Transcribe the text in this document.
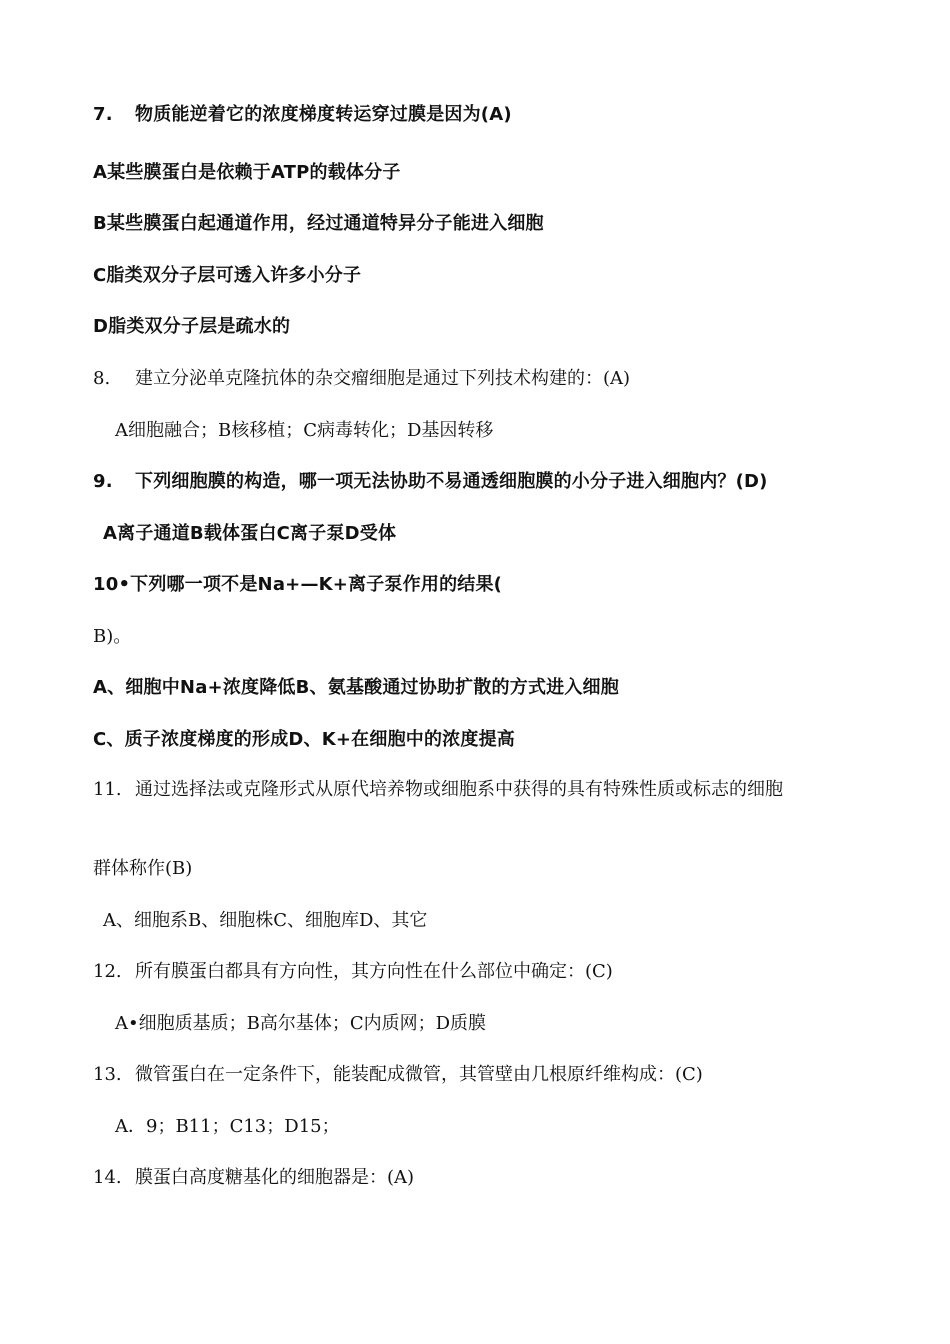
7. 物质能逆着它的浓度梯度转运穿过膜是因为(A)

A某些膜蛋白是依赖于ATP的载体分子

B某些膜蛋白起通道作用，经过通道特异分子能进入细胞

C脂类双分子层可透入许多小分子

D脂类双分子层是疏水的

8. 建立分泌单克隆抗体的杂交瘤细胞是通过下列技术构建的：(A)

A细胞融合；B核移植；C病毒转化；D基因转移

9. 下列细胞膜的构造，哪一项无法协助不易通透细胞膜的小分子进入细胞内？(D)

A离子通道B载体蛋白C离子泵D受体

10•下列哪一项不是Na+—K+离子泵作用的结果(

B)。

A、细胞中Na+浓度降低B、氨基酸通过协助扩散的方式进入细胞

C、质子浓度梯度的形成D、K+在细胞中的浓度提高

11. 通过选择法或克隆形式从原代培养物或细胞系中获得的具有特殊性质或标志的细胞

群体称作(B)

A、细胞系B、细胞株C、细胞库D、其它

12. 所有膜蛋白都具有方向性，其方向性在什么部位中确定：(C)

A•细胞质基质；B高尔基体；C内质网；D质膜

13. 微管蛋白在一定条件下，能装配成微管，其管壁由几根原纤维构成：(C)

A．9；B11；C13；D15；

14. 膜蛋白高度糖基化的细胞器是：(A)
